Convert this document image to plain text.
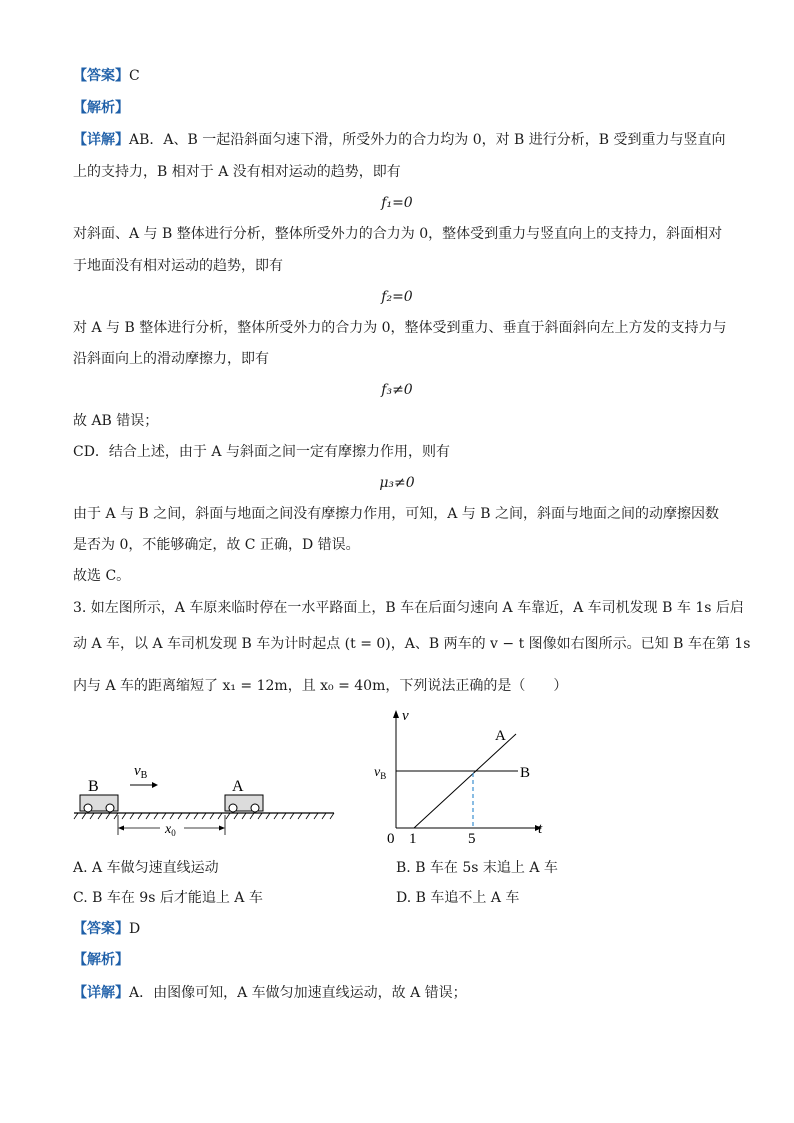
【答案】C
【解析】
【详解】AB．A、B 一起沿斜面匀速下滑，所受外力的合力均为 0，对 B 进行分析，B 受到重力与竖直向
上的支持力，B 相对于 A 没有相对运动的趋势，即有
f₁=0
对斜面、A 与 B 整体进行分析，整体所受外力的合力为 0，整体受到重力与竖直向上的支持力，斜面相对
于地面没有相对运动的趋势，即有
f₂=0
对 A 与 B 整体进行分析，整体所受外力的合力为 0，整体受到重力、垂直于斜面斜向左上方发的支持力与
沿斜面向上的滑动摩擦力，即有
f₃≠0
故 AB 错误；
CD．结合上述，由于 A 与斜面之间一定有摩擦力作用，则有
μ₃≠0
由于 A 与 B 之间，斜面与地面之间没有摩擦力作用，可知，A 与 B 之间，斜面与地面之间的动摩擦因数
是否为 0，不能够确定，故 C 正确，D 错误。
故选 C。
3. 如左图所示，A 车原来临时停在一水平路面上，B 车在后面匀速向 A 车靠近，A 车司机发现 B 车 1s 后启
动 A 车，以 A 车司机发现 B 车为计时起点 (t = 0)，A、B 两车的 v − t 图像如右图所示。已知 B 车在第 1s
内与 A 车的距离缩短了 x₁ = 12m，且 x₀ = 40m，下列说法正确的是（　　）
B
$v_B$
A
$x_0$
v
t
0 1	5
$v_B$	B
A
A. A 车做匀速直线运动	B. B 车在 5s 末追上 A 车
C. B 车在 9s 后才能追上 A 车	D. B 车追不上 A 车
【答案】D
【解析】
【详解】A．由图像可知，A 车做匀加速直线运动，故 A 错误；
